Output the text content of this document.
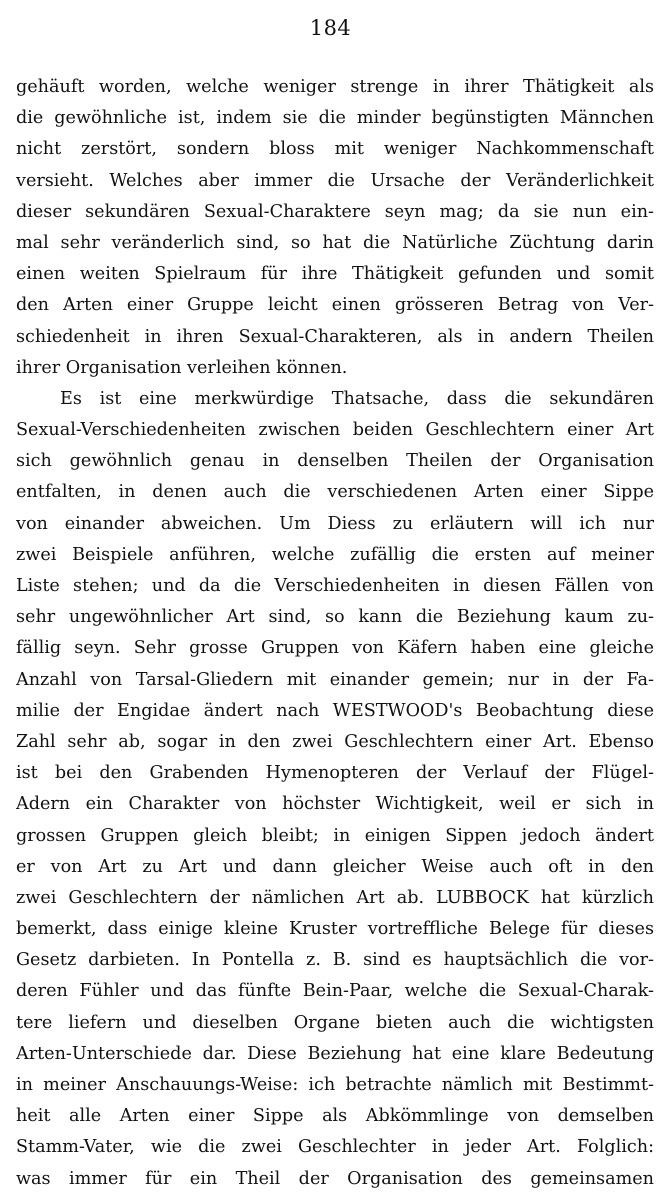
184
gehäuft worden, welche weniger strenge in ihrer Thätigkeit als
die gewöhnliche ist, indem sie die minder begünstigten Männchen
nicht zerstört, sondern bloss mit weniger Nachkommenschaft
versieht. Welches aber immer die Ursache der Veränderlichkeit
dieser sekundären Sexual-Charaktere seyn mag; da sie nun ein-
mal sehr veränderlich sind, so hat die Natürliche Züchtung darin
einen weiten Spielraum für ihre Thätigkeit gefunden und somit
den Arten einer Gruppe leicht einen grösseren Betrag von Ver-
schiedenheit in ihren Sexual-Charakteren, als in andern Theilen
ihrer Organisation verleihen können.
Es ist eine merkwürdige Thatsache, dass die sekundären
Sexual-Verschiedenheiten zwischen beiden Geschlechtern einer Art
sich gewöhnlich genau in denselben Theilen der Organisation
entfalten, in denen auch die verschiedenen Arten einer Sippe
von einander abweichen. Um Diess zu erläutern will ich nur
zwei Beispiele anführen, welche zufällig die ersten auf meiner
Liste stehen; und da die Verschiedenheiten in diesen Fällen von
sehr ungewöhnlicher Art sind, so kann die Beziehung kaum zu-
fällig seyn. Sehr grosse Gruppen von Käfern haben eine gleiche
Anzahl von Tarsal-Gliedern mit einander gemein; nur in der Fa-
milie der Engidae ändert nach WESTWOOD's Beobachtung diese
Zahl sehr ab, sogar in den zwei Geschlechtern einer Art. Ebenso
ist bei den Grabenden Hymenopteren der Verlauf der Flügel-
Adern ein Charakter von höchster Wichtigkeit, weil er sich in
grossen Gruppen gleich bleibt; in einigen Sippen jedoch ändert
er von Art zu Art und dann gleicher Weise auch oft in den
zwei Geschlechtern der nämlichen Art ab. LUBBOCK hat kürzlich
bemerkt, dass einige kleine Kruster vortreffliche Belege für dieses
Gesetz darbieten. In Pontella z. B. sind es hauptsächlich die vor-
deren Fühler und das fünfte Bein-Paar, welche die Sexual-Charak-
tere liefern und dieselben Organe bieten auch die wichtigsten
Arten-Unterschiede dar. Diese Beziehung hat eine klare Bedeutung
in meiner Anschauungs-Weise: ich betrachte nämlich mit Bestimmt-
heit alle Arten einer Sippe als Abkömmlinge von demselben
Stamm-Vater, wie die zwei Geschlechter in jeder Art. Folglich:
was immer für ein Theil der Organisation des gemeinsamen
